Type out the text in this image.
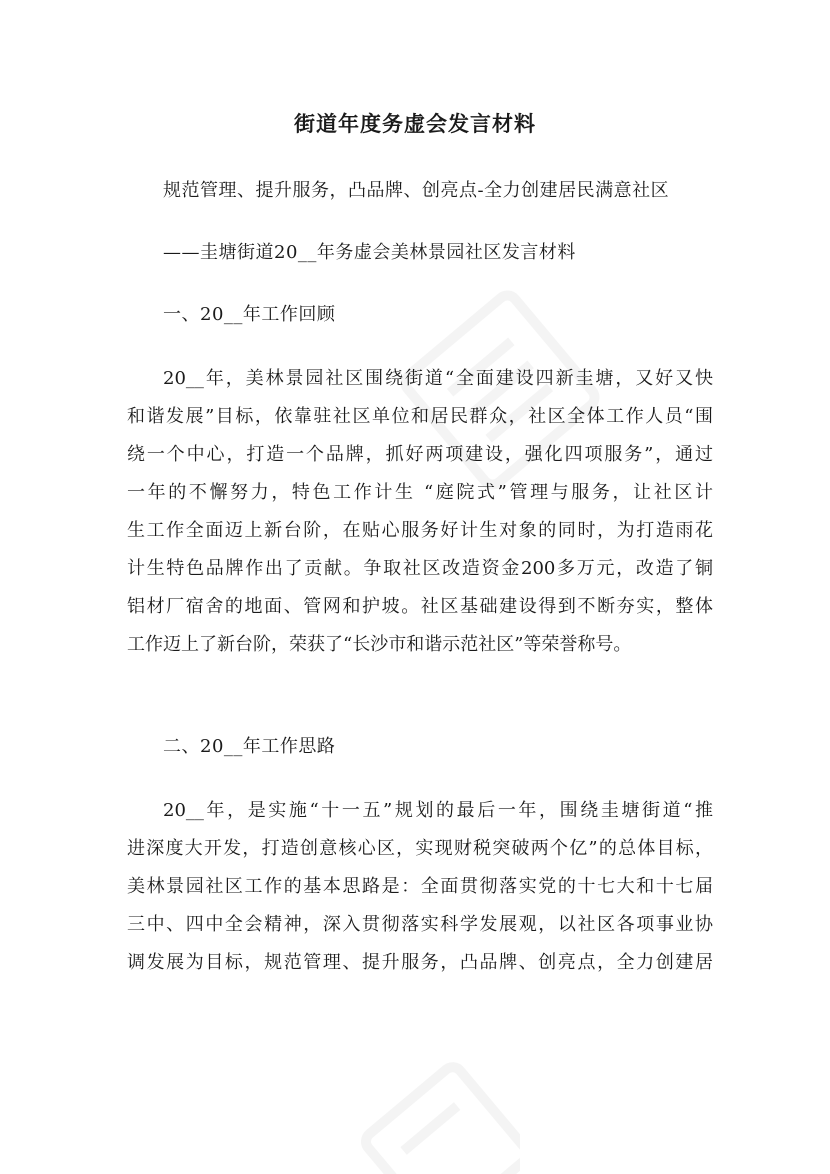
街道年度务虚会发言材料

规范管理、提升服务，凸品牌、创亮点-全力创建居民满意社区

——圭塘街道20__年务虚会美林景园社区发言材料

一、20__年工作回顾

20__年，美林景园社区围绕街道“全面建设四新圭塘，又好又快

和谐发展”目标，依靠驻社区单位和居民群众，社区全体工作人员“围

绕一个中心，打造一个品牌，抓好两项建设，强化四项服务”，通过

一年的不懈努力，特色工作计生 “庭院式”管理与服务，让社区计

生工作全面迈上新台阶，在贴心服务好计生对象的同时，为打造雨花

计生特色品牌作出了贡献。争取社区改造资金200多万元，改造了铜

铝材厂宿舍的地面、管网和护坡。社区基础建设得到不断夯实，整体

工作迈上了新台阶，荣获了“长沙市和谐示范社区”等荣誉称号。

二、20__年工作思路

20__年，是实施“十一五”规划的最后一年，围绕圭塘街道“推

进深度大开发，打造创意核心区，实现财税突破两个亿”的总体目标，

美林景园社区工作的基本思路是：全面贯彻落实党的十七大和十七届

三中、四中全会精神，深入贯彻落实科学发展观，以社区各项事业协

调发展为目标，规范管理、提升服务，凸品牌、创亮点，全力创建居
